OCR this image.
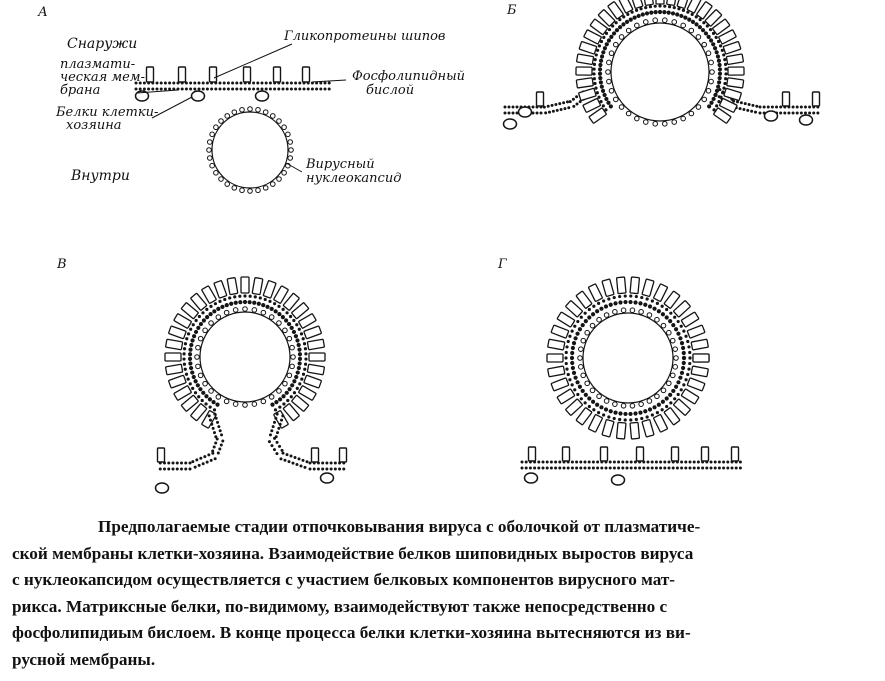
А	Б
В	Г
Снаружи
плазмати-
ческая мем-
брана
Белки клетки-
хозяина
Внутри
Гликопротеины шипов
Фосфолипидный
бислой
Вирусный
нуклеокапсид
Предполагаемые стадии отпочковывания вируса с оболочкой от плазматиче-
ской мембраны клетки-хозяина. Взаимодействие белков шиповидных выростов вируса
с нуклеокапсидом осуществляется с участием белковых компонентов вирусного мат-
рикса. Матриксные белки, по-видимому, взаимодействуют также непосредственно с
фосфолипидиым бислоем. В конце процесса белки клетки-хозяина вытесняются из ви-
русной мембраны.
